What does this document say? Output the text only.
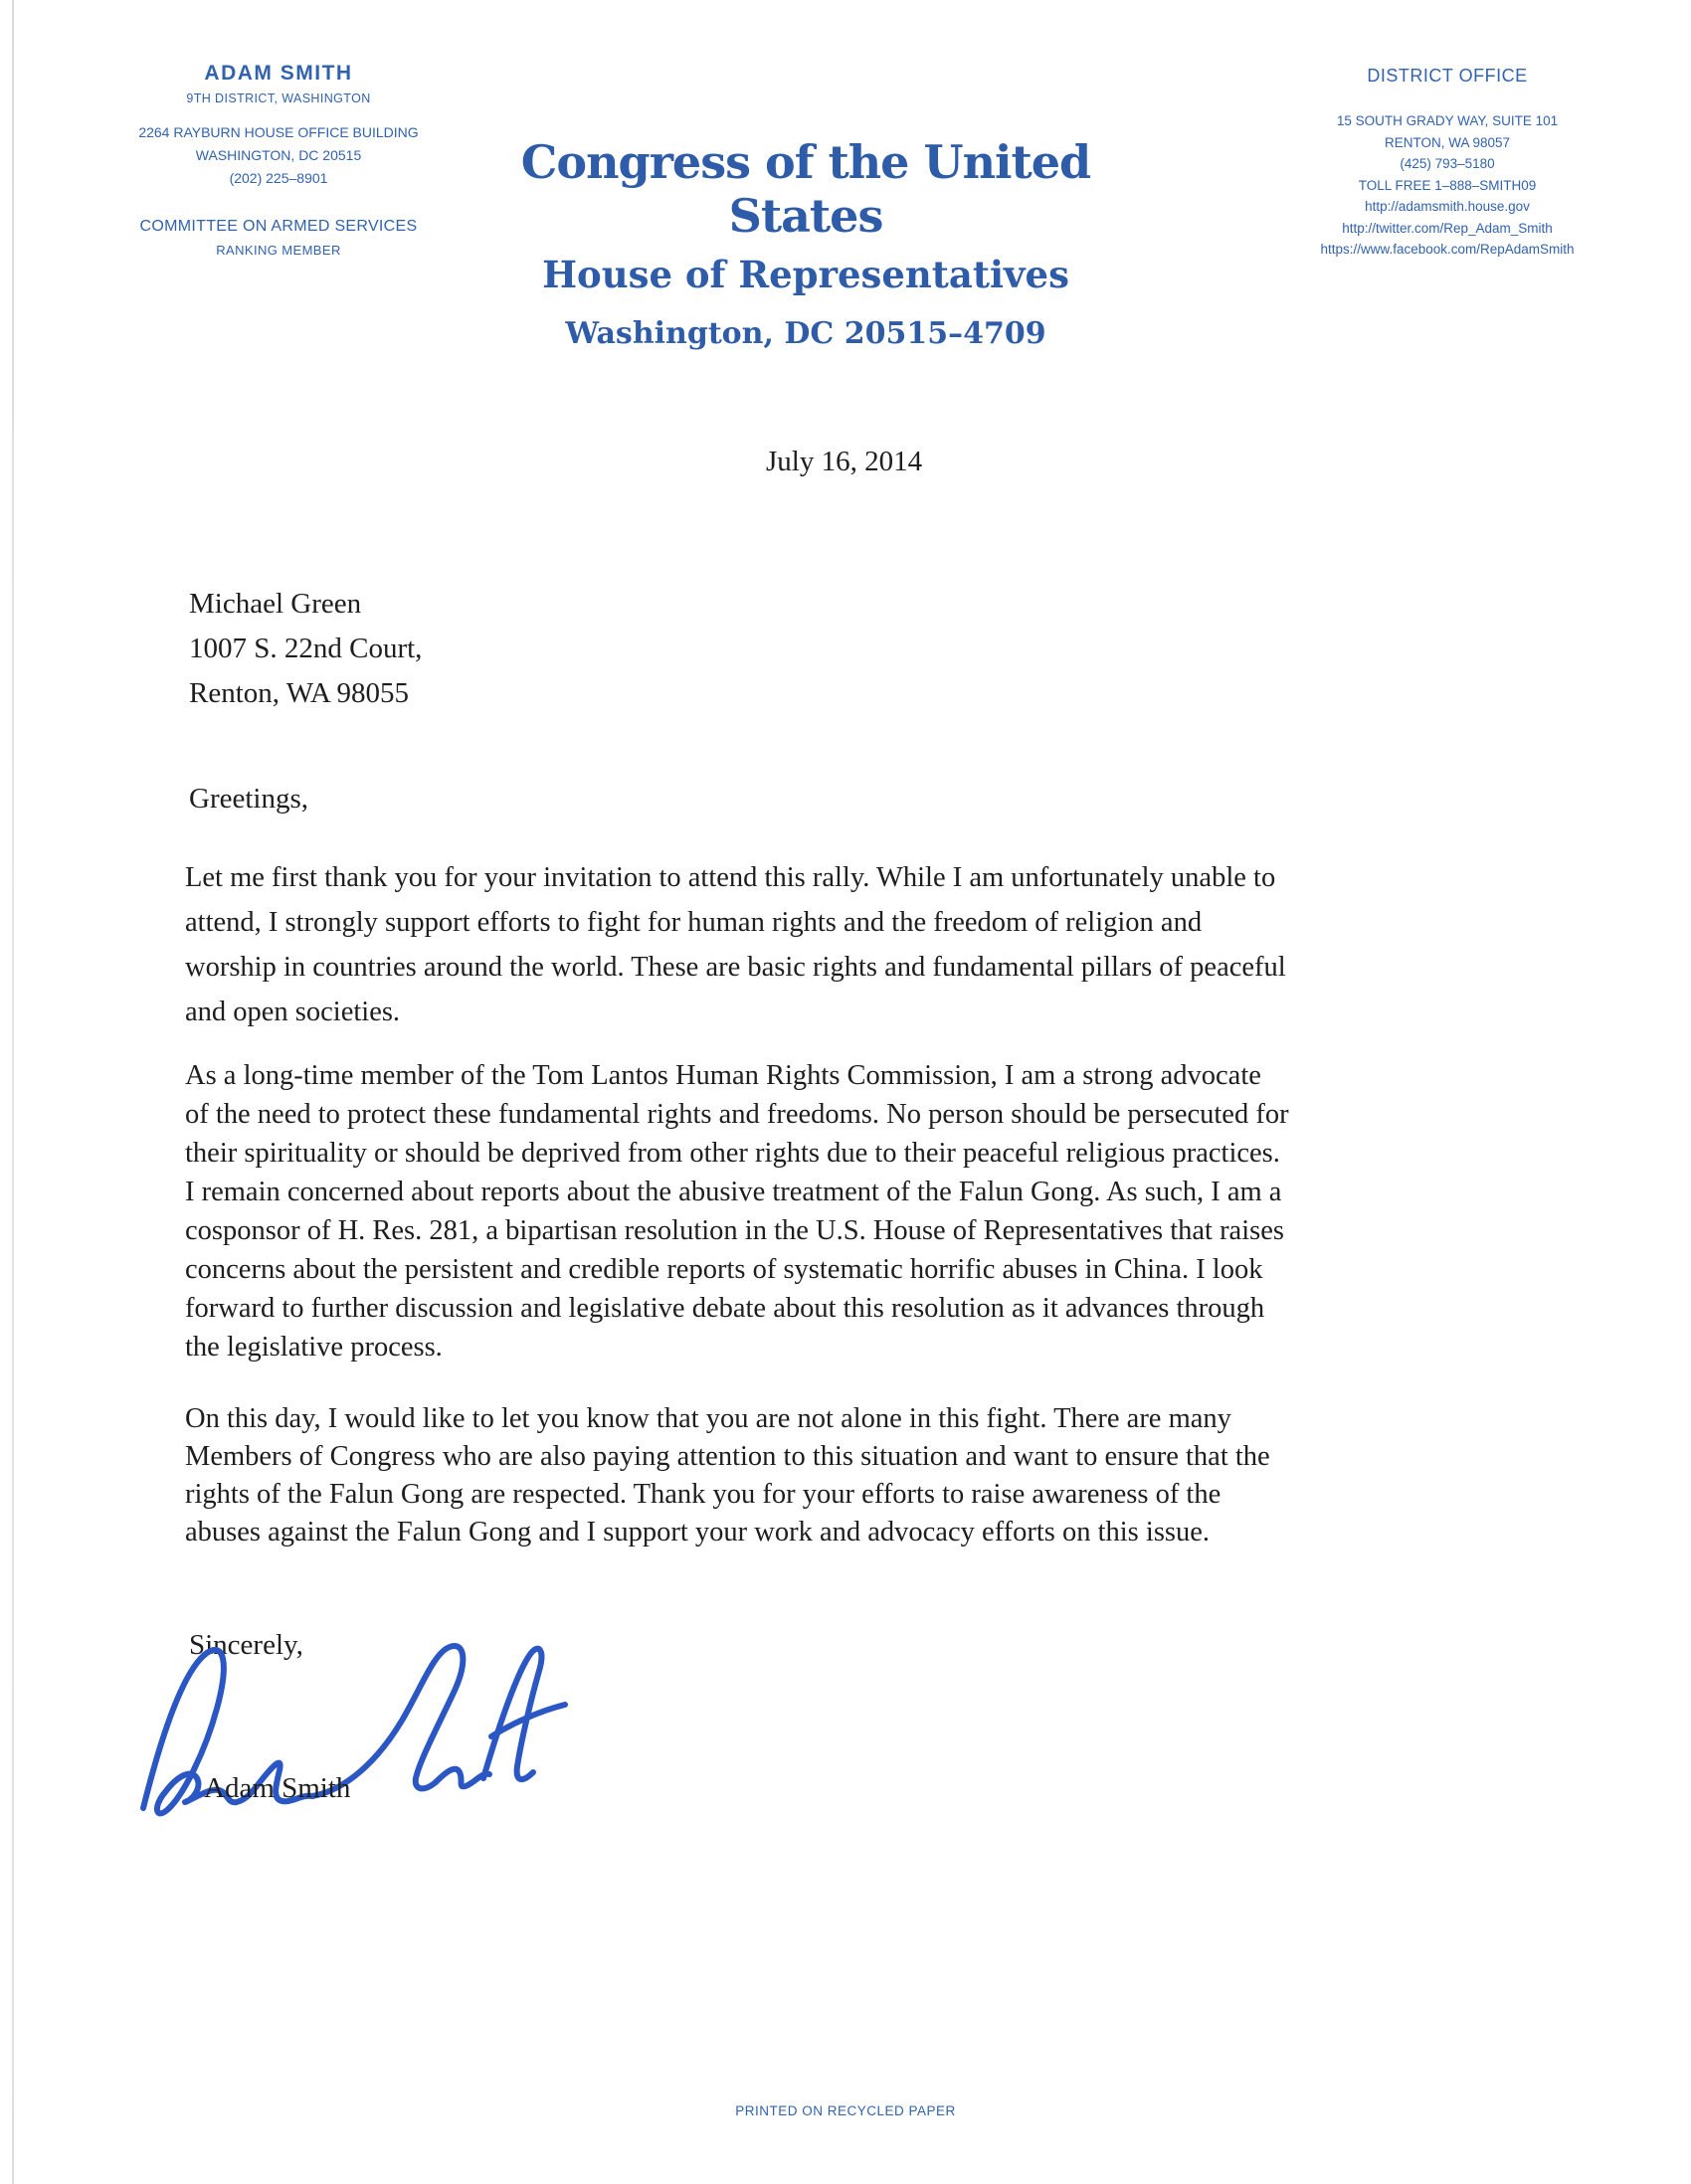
ADAM SMITH
9TH DISTRICT, WASHINGTON
2264 RAYBURN HOUSE OFFICE BUILDING
WASHINGTON, DC 20515
(202) 225–8901
COMMITTEE ON ARMED SERVICES
RANKING MEMBER
Congress of the United States
House of Representatives
Washington, DC 20515–4709
DISTRICT OFFICE
15 SOUTH GRADY WAY, SUITE 101
RENTON, WA 98057
(425) 793–5180
TOLL FREE 1–888–SMITH09
http://adamsmith.house.gov
http://twitter.com/Rep_Adam_Smith
https://www.facebook.com/RepAdamSmith
July 16, 2014
Michael Green
1007 S. 22nd Court,
Renton, WA 98055
Greetings,
Let me first thank you for your invitation to attend this rally. While I am unfortunately unable to
attend, I strongly support efforts to fight for human rights and the freedom of religion and
worship in countries around the world. These are basic rights and fundamental pillars of peaceful
and open societies.
As a long-time member of the Tom Lantos Human Rights Commission, I am a strong advocate
of the need to protect these fundamental rights and freedoms. No person should be persecuted for
their spirituality or should be deprived from other rights due to their peaceful religious practices.
I remain concerned about reports about the abusive treatment of the Falun Gong. As such, I am a
cosponsor of H. Res. 281, a bipartisan resolution in the U.S. House of Representatives that raises
concerns about the persistent and credible reports of systematic horrific abuses in China. I look
forward to further discussion and legislative debate about this resolution as it advances through
the legislative process.
On this day, I would like to let you know that you are not alone in this fight. There are many
Members of Congress who are also paying attention to this situation and want to ensure that the
rights of the Falun Gong are respected. Thank you for your efforts to raise awareness of the
abuses against the Falun Gong and I support your work and advocacy efforts on this issue.
Sincerely,
Adam Smith
PRINTED ON RECYCLED PAPER
